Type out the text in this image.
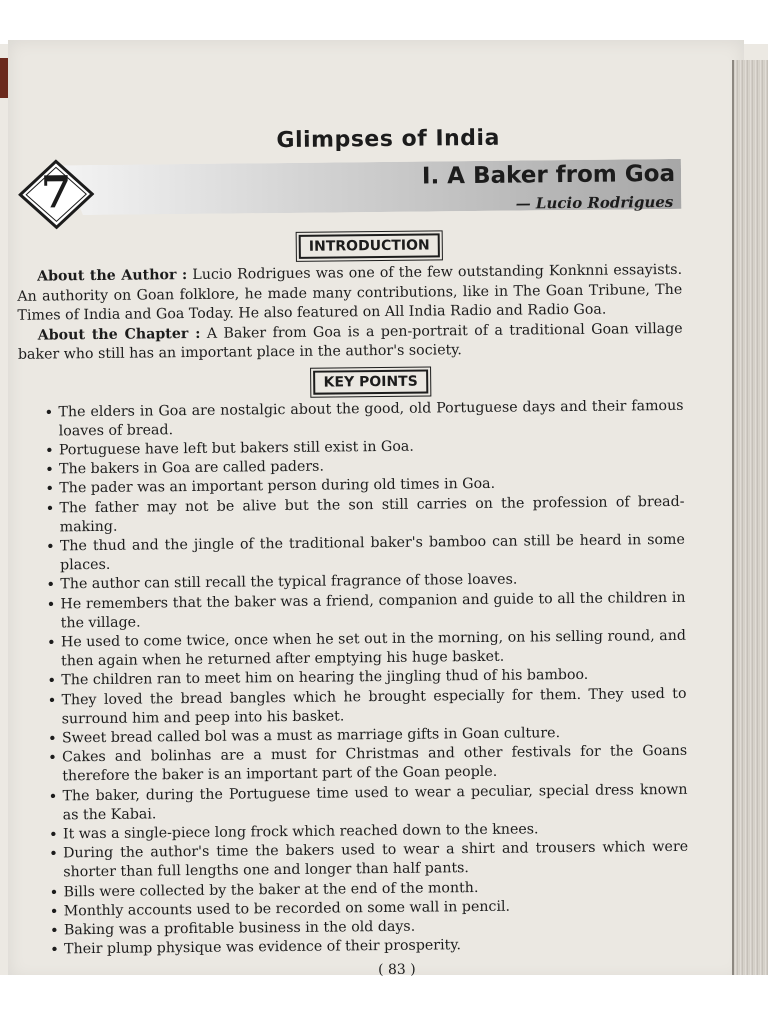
Glimpses of India
7	I. A Baker from Goa
— Lucio Rodrigues
INTRODUCTION

About the Author : Lucio Rodrigues was one of the few outstanding Konknni essayists. An authority on Goan folklore, he made many contributions, like in The Goan Tribune, The Times of India and Goa Today. He also featured on All India Radio and Radio Goa.

About the Chapter : A Baker from Goa is a pen-portrait of a traditional Goan village baker who still has an important place in the author's society.

KEY POINTS
• The elders in Goa are nostalgic about the good, old Portuguese days and their famous loaves of bread.
• Portuguese have left but bakers still exist in Goa.
• The bakers in Goa are called paders.
• The pader was an important person during old times in Goa.
• The father may not be alive but the son still carries on the profession of bread-making.
• The thud and the jingle of the traditional baker's bamboo can still be heard in some places.
• The author can still recall the typical fragrance of those loaves.
• He remembers that the baker was a friend, companion and guide to all the children in the village.
• He used to come twice, once when he set out in the morning, on his selling round, and then again when he returned after emptying his huge basket.
• The children ran to meet him on hearing the jingling thud of his bamboo.
• They loved the bread bangles which he brought especially for them. They used to surround him and peep into his basket.
• Sweet bread called bol was a must as marriage gifts in Goan culture.
• Cakes and bolinhas are a must for Christmas and other festivals for the Goans therefore the baker is an important part of the Goan people.
• The baker, during the Portuguese time used to wear a peculiar, special dress known as the Kabai.
• It was a single-piece long frock which reached down to the knees.
• During the author's time the bakers used to wear a shirt and trousers which were shorter than full lengths one and longer than half pants.
• Bills were collected by the baker at the end of the month.
• Monthly accounts used to be recorded on some wall in pencil.
• Baking was a profitable business in the old days.
• Their plump physique was evidence of their prosperity.
( 83 )
